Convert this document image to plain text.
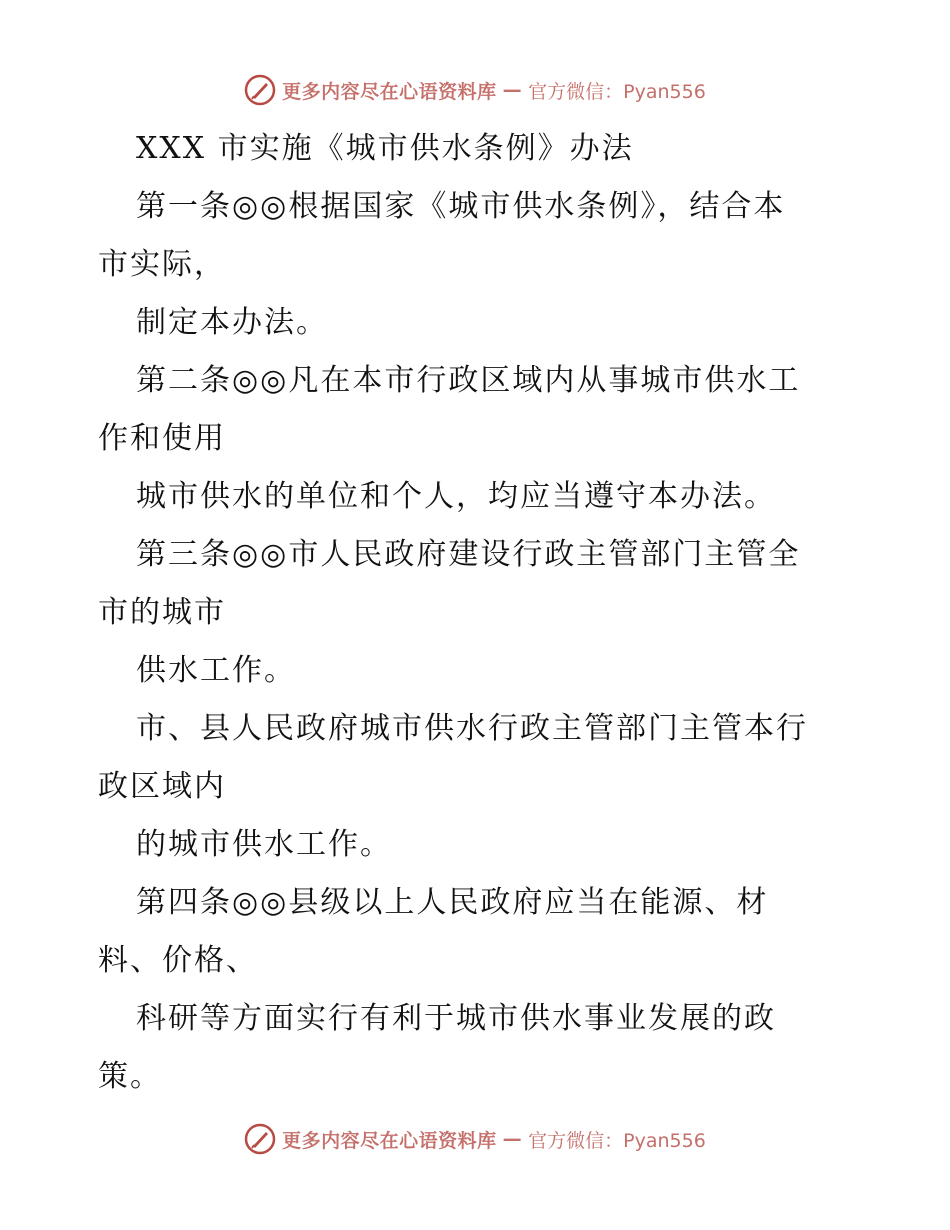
更多内容尽在心语资料库 — 官方微信：Pyan556

XXX 市实施《城市供水条例》办法

第一条◎◎根据国家《城市供水条例》，结合本

市实际，

制定本办法。

第二条◎◎凡在本市行政区域内从事城市供水工

作和使用

城市供水的单位和个人，均应当遵守本办法。

第三条◎◎市人民政府建设行政主管部门主管全

市的城市

供水工作。

市、县人民政府城市供水行政主管部门主管本行

政区域内

的城市供水工作。

第四条◎◎县级以上人民政府应当在能源、材

料、价格、

科研等方面实行有利于城市供水事业发展的政

策。

更多内容尽在心语资料库 — 官方微信：Pyan556
